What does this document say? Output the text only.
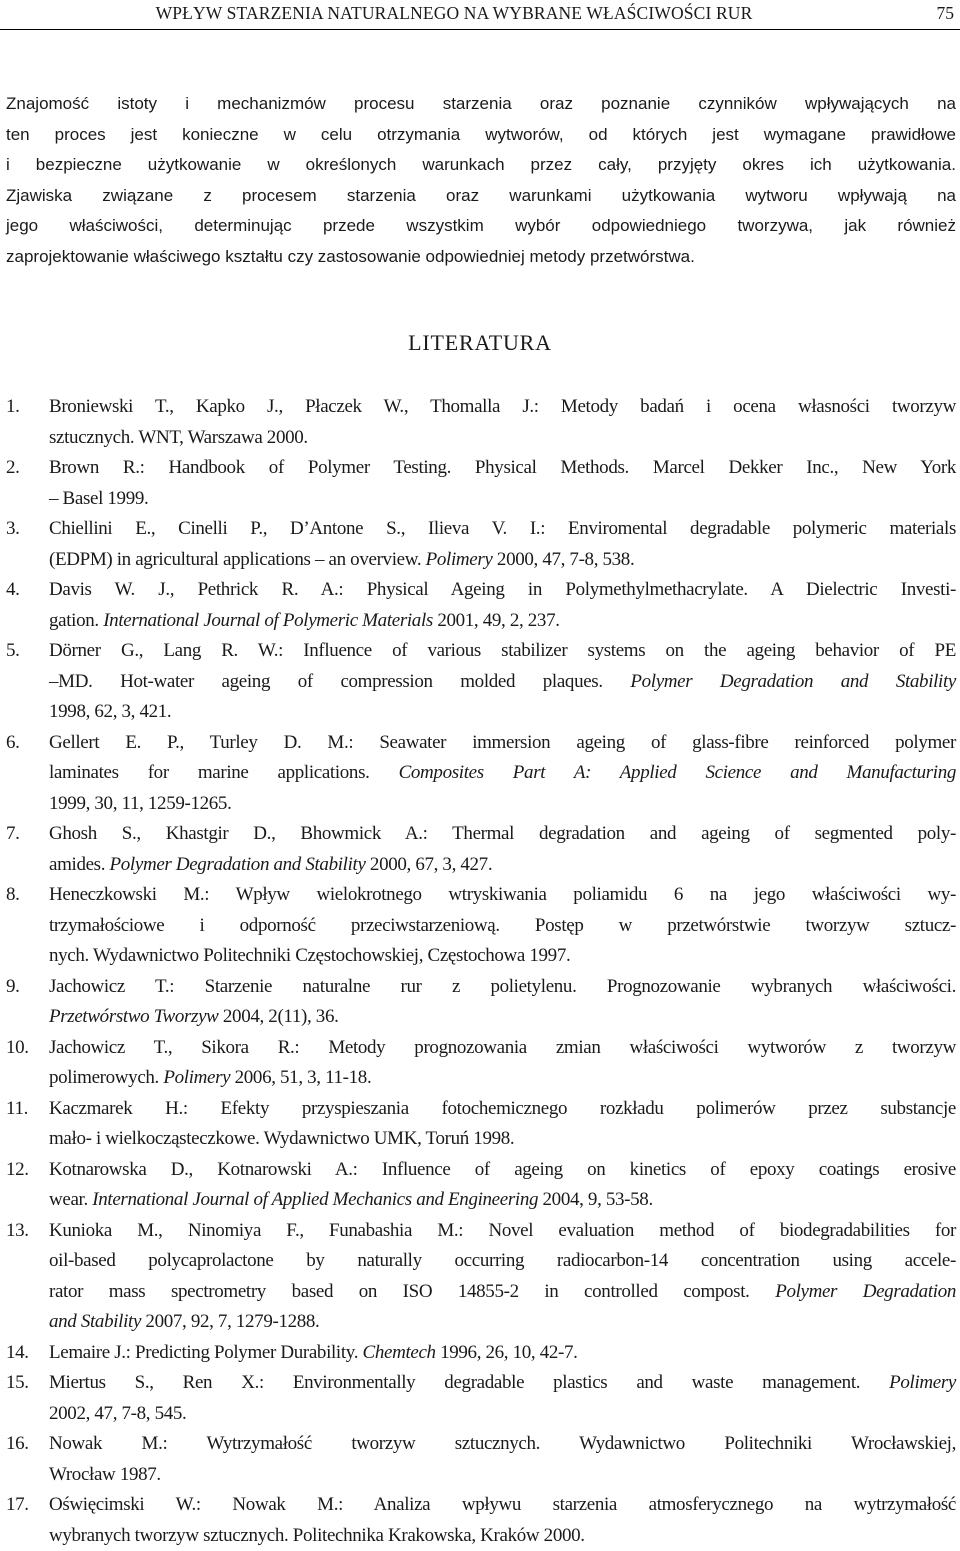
WPŁYW STARZENIA NATURALNEGO NA WYBRANE WŁAŚCIWOŚCI RUR	75
Znajomość istoty i mechanizmów procesu starzenia oraz poznanie czynników wpływających na
ten proces jest konieczne w celu otrzymania wytworów, od których jest wymagane prawidłowe
i bezpieczne użytkowanie w określonych warunkach przez cały, przyjęty okres ich użytkowania.
Zjawiska związane z procesem starzenia oraz warunkami użytkowania wytworu wpływają na
jego właściwości, determinując przede wszystkim wybór odpowiedniego tworzywa, jak również
zaprojektowanie właściwego kształtu czy zastosowanie odpowiedniej metody przetwórstwa.
LITERATURA
1. Broniewski T., Kapko J., Płaczek W., Thomalla J.: Metody badań i ocena własności tworzyw
sztucznych. WNT, Warszawa 2000.
2. Brown R.: Handbook of Polymer Testing. Physical Methods. Marcel Dekker Inc., New York
– Basel 1999.
3. Chiellini E., Cinelli P., D’Antone S., Ilieva V. I.: Enviromental degradable polymeric materials
(EDPM) in agricultural applications – an overview. Polimery 2000, 47, 7-8, 538.
4. Davis W. J., Pethrick R. A.: Physical Ageing in Polymethylmethacrylate. A Dielectric Investi-
gation. International Journal of Polymeric Materials 2001, 49, 2, 237.
5. Dörner G., Lang R. W.: Influence of various stabilizer systems on the ageing behavior of PE
–MD. Hot-water ageing of compression molded plaques. Polymer Degradation and Stability
1998, 62, 3, 421.
6. Gellert E. P., Turley D. M.: Seawater immersion ageing of glass-fibre reinforced polymer
laminates for marine applications. Composites Part A: Applied Science and Manufacturing
1999, 30, 11, 1259-1265.
7. Ghosh S., Khastgir D., Bhowmick A.: Thermal degradation and ageing of segmented poly-
amides. Polymer Degradation and Stability 2000, 67, 3, 427.
8. Heneczkowski M.: Wpływ wielokrotnego wtryskiwania poliamidu 6 na jego właściwości wy-
trzymałościowe i odporność przeciwstarzeniową. Postęp w przetwórstwie tworzyw sztucz-
nych. Wydawnictwo Politechniki Częstochowskiej, Częstochowa 1997.
9. Jachowicz T.: Starzenie naturalne rur z polietylenu. Prognozowanie wybranych właściwości.
Przetwórstwo Tworzyw 2004, 2(11), 36.
10. Jachowicz T., Sikora R.: Metody prognozowania zmian właściwości wytworów z tworzyw
polimerowych. Polimery 2006, 51, 3, 11-18.
11. Kaczmarek H.: Efekty przyspieszania fotochemicznego rozkładu polimerów przez substancje
mało- i wielkocząsteczkowe. Wydawnictwo UMK, Toruń 1998.
12. Kotnarowska D., Kotnarowski A.: Influence of ageing on kinetics of epoxy coatings erosive
wear. International Journal of Applied Mechanics and Engineering 2004, 9, 53-58.
13. Kunioka M., Ninomiya F., Funabashia M.: Novel evaluation method of biodegradabilities for
oil-based polycaprolactone by naturally occurring radiocarbon-14 concentration using accele-
rator mass spectrometry based on ISO 14855-2 in controlled compost. Polymer Degradation
and Stability 2007, 92, 7, 1279-1288.
14. Lemaire J.: Predicting Polymer Durability. Chemtech 1996, 26, 10, 42-7.
15. Miertus S., Ren X.: Environmentally degradable plastics and waste management. Polimery
2002, 47, 7-8, 545.
16. Nowak M.: Wytrzymałość tworzyw sztucznych. Wydawnictwo Politechniki Wrocławskiej,
Wrocław 1987.
17. Oświęcimski W.: Nowak M.: Analiza wpływu starzenia atmosferycznego na wytrzymałość
wybranych tworzyw sztucznych. Politechnika Krakowska, Kraków 2000.
